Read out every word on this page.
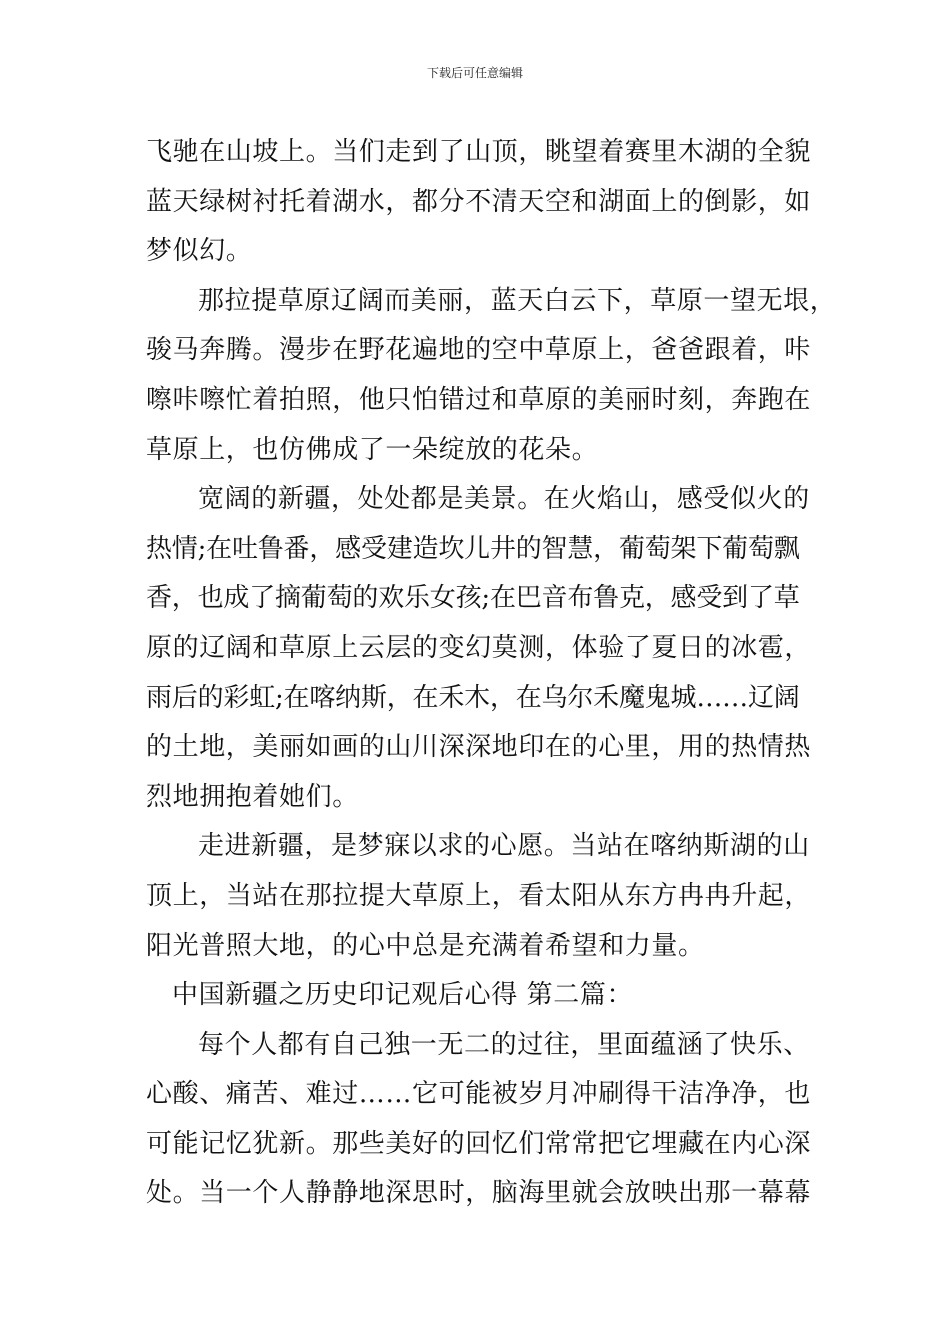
下载后可任意编辑
飞驰在山坡上。当们走到了山顶，眺望着赛里木湖的全貌
蓝天绿树衬托着湖水，都分不清天空和湖面上的倒影，如
梦似幻。
那拉提草原辽阔而美丽，蓝天白云下，草原一望无垠，
骏马奔腾。漫步在野花遍地的空中草原上，爸爸跟着，咔
嚓咔嚓忙着拍照，他只怕错过和草原的美丽时刻，奔跑在
草原上，也仿佛成了一朵绽放的花朵。
宽阔的新疆，处处都是美景。在火焰山，感受似火的
热情;在吐鲁番，感受建造坎儿井的智慧，葡萄架下葡萄飘
香，也成了摘葡萄的欢乐女孩;在巴音布鲁克，感受到了草
原的辽阔和草原上云层的变幻莫测，体验了夏日的冰雹，
雨后的彩虹;在喀纳斯，在禾木，在乌尔禾魔鬼城……辽阔
的土地，美丽如画的山川深深地印在的心里，用的热情热
烈地拥抱着她们。
走进新疆，是梦寐以求的心愿。当站在喀纳斯湖的山
顶上，当站在那拉提大草原上，看太阳从东方冉冉升起，
阳光普照大地，的心中总是充满着希望和力量。
中国新疆之历史印记观后心得 第二篇：
每个人都有自己独一无二的过往，里面蕴涵了快乐、
心酸、痛苦、难过……它可能被岁月冲刷得干洁净净，也
可能记忆犹新。那些美好的回忆们常常把它埋藏在内心深
处。当一个人静静地深思时，脑海里就会放映出那一幕幕
